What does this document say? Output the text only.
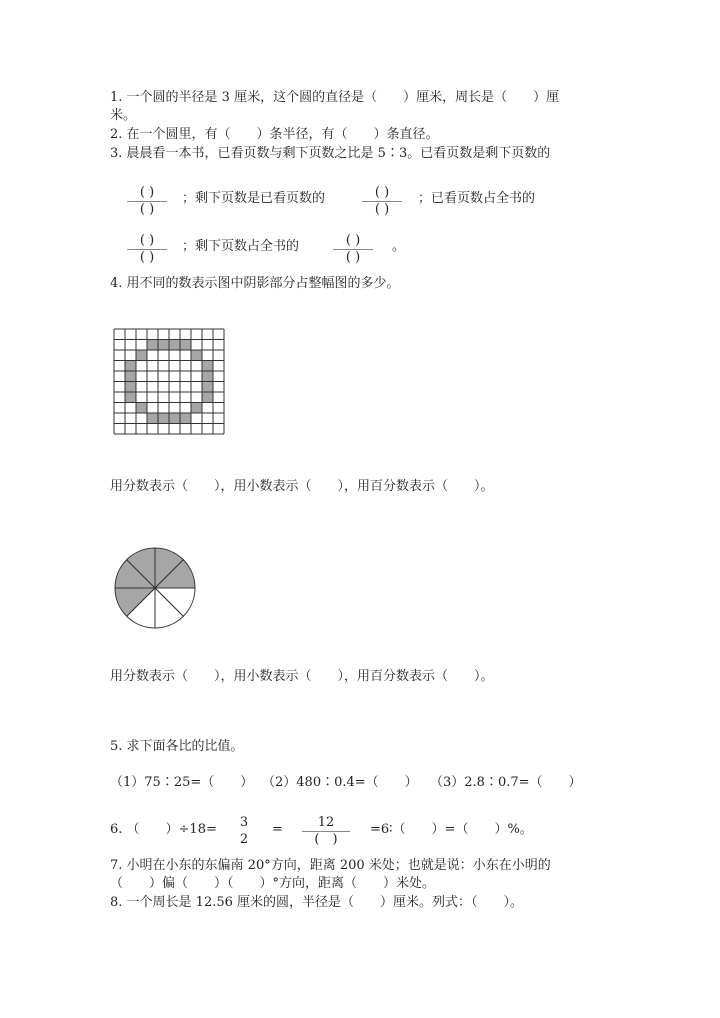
1. 一个圆的半径是 3 厘米，这个圆的直径是（　　）厘米，周长是（　　）厘
米。
2. 在一个圆里，有（　　）条半径，有（　　）条直径。
3. 晨晨看一本书，已看页数与剩下页数之比是 5∶3。已看页数是剩下页数的
( )
( )
；剩下页数是已看页数的	( )
( )
；已看页数占全书的
( )
( )
；剩下页数占全书的	( )
( )
。
4. 用不同的数表示图中阴影部分占整幅图的多少。
用分数表示（　　），用小数表示（　　），用百分数表示（　　）。
用分数表示（　　），用小数表示（　　），用百分数表示（　　）。
5. 求下面各比的比值。
（1）75∶25=（　　） （2）480∶0.4=（　　） （3）2.8∶0.7=（　　）
6. （　　）÷18=	3
2
=	12
(　)
=6∶（　　）=（　　）%。
7. 小明在小东的东偏南 20°方向，距离 200 米处；也就是说：小东在小明的
（　　）偏（　　）（　　）°方向，距离（　　）米处。
8. 一个周长是 12.56 厘米的圆，半径是（　　）厘米。列式：（　　）。
